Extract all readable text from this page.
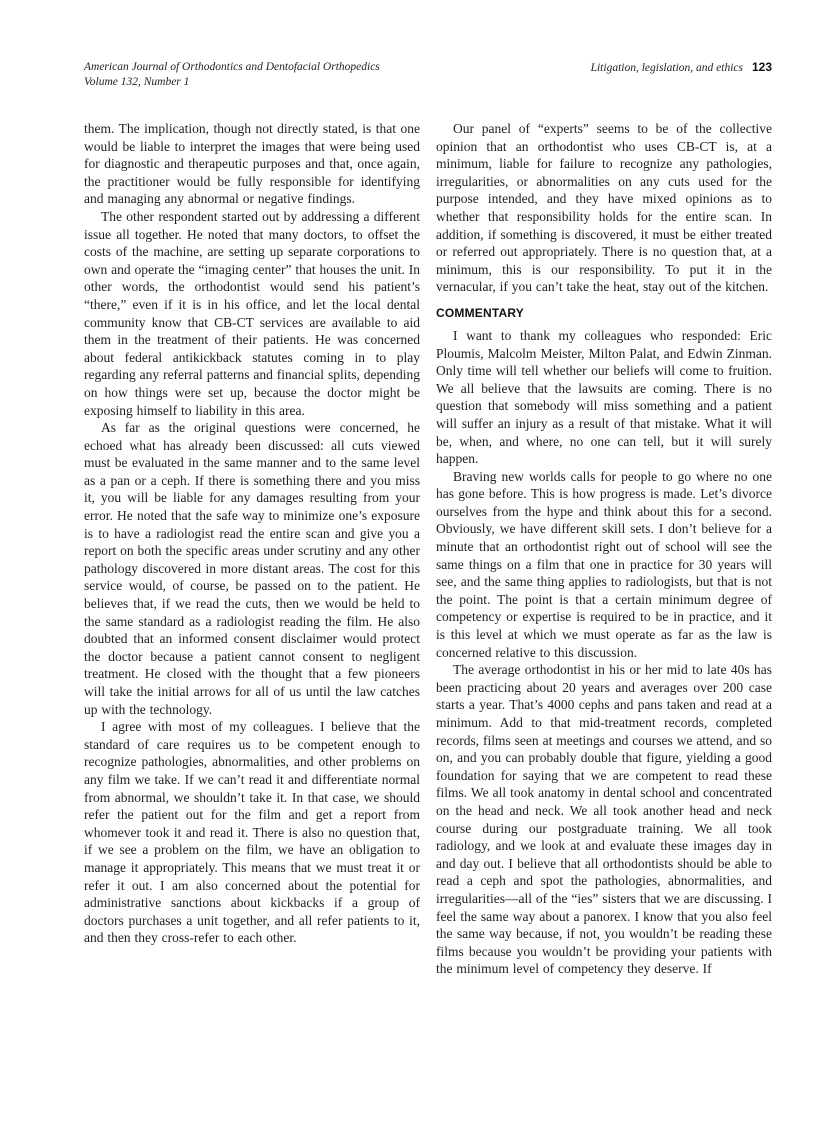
American Journal of Orthodontics and Dentofacial Orthopedics
Volume 132, Number 1
Litigation, legislation, and ethics 123

them. The implication, though not directly stated, is that one would be liable to interpret the images that were being used for diagnostic and therapeutic purposes and that, once again, the practitioner would be fully responsible for identifying and managing any abnormal or negative findings.

The other respondent started out by addressing a different issue all together. He noted that many doctors, to offset the costs of the machine, are setting up separate corporations to own and operate the “imaging center” that houses the unit. In other words, the orthodontist would send his patient’s “there,” even if it is in his office, and let the local dental community know that CB-CT services are available to aid them in the treatment of their patients. He was concerned about federal antikickback statutes coming in to play regarding any referral patterns and financial splits, depending on how things were set up, because the doctor might be exposing himself to liability in this area.

As far as the original questions were concerned, he echoed what has already been discussed: all cuts viewed must be evaluated in the same manner and to the same level as a pan or a ceph. If there is something there and you miss it, you will be liable for any damages resulting from your error. He noted that the safe way to minimize one’s exposure is to have a radiologist read the entire scan and give you a report on both the specific areas under scrutiny and any other pathology discovered in more distant areas. The cost for this service would, of course, be passed on to the patient. He believes that, if we read the cuts, then we would be held to the same standard as a radiologist reading the film. He also doubted that an informed consent disclaimer would protect the doctor because a patient cannot consent to negligent treatment. He closed with the thought that a few pioneers will take the initial arrows for all of us until the law catches up with the technology.

I agree with most of my colleagues. I believe that the standard of care requires us to be competent enough to recognize pathologies, abnormalities, and other problems on any film we take. If we can’t read it and differentiate normal from abnormal, we shouldn’t take it. In that case, we should refer the patient out for the film and get a report from whomever took it and read it. There is also no question that, if we see a problem on the film, we have an obligation to manage it appropriately. This means that we must treat it or refer it out. I am also concerned about the potential for administrative sanctions about kickbacks if a group of doctors purchases a unit together, and all refer patients to it, and then they cross-refer to each other.

Our panel of “experts” seems to be of the collective opinion that an orthodontist who uses CB-CT is, at a minimum, liable for failure to recognize any pathologies, irregularities, or abnormalities on any cuts used for the purpose intended, and they have mixed opinions as to whether that responsibility holds for the entire scan. In addition, if something is discovered, it must be either treated or referred out appropriately. There is no question that, at a minimum, this is our responsibility. To put it in the vernacular, if you can’t take the heat, stay out of the kitchen.

COMMENTARY

I want to thank my colleagues who responded: Eric Ploumis, Malcolm Meister, Milton Palat, and Edwin Zinman. Only time will tell whether our beliefs will come to fruition. We all believe that the lawsuits are coming. There is no question that somebody will miss something and a patient will suffer an injury as a result of that mistake. What it will be, when, and where, no one can tell, but it will surely happen.

Braving new worlds calls for people to go where no one has gone before. This is how progress is made. Let’s divorce ourselves from the hype and think about this for a second. Obviously, we have different skill sets. I don’t believe for a minute that an orthodontist right out of school will see the same things on a film that one in practice for 30 years will see, and the same thing applies to radiologists, but that is not the point. The point is that a certain minimum degree of competency or expertise is required to be in practice, and it is this level at which we must operate as far as the law is concerned relative to this discussion.

The average orthodontist in his or her mid to late 40s has been practicing about 20 years and averages over 200 case starts a year. That’s 4000 cephs and pans taken and read at a minimum. Add to that mid-treatment records, completed records, films seen at meetings and courses we attend, and so on, and you can probably double that figure, yielding a good foundation for saying that we are competent to read these films. We all took anatomy in dental school and concentrated on the head and neck. We all took another head and neck course during our postgraduate training. We all took radiology, and we look at and evaluate these images day in and day out. I believe that all orthodontists should be able to read a ceph and spot the pathologies, abnormalities, and irregularities—all of the “ies” sisters that we are discussing. I feel the same way about a panorex. I know that you also feel the same way because, if not, you wouldn’t be reading these films because you wouldn’t be providing your patients with the minimum level of competency they deserve. If
